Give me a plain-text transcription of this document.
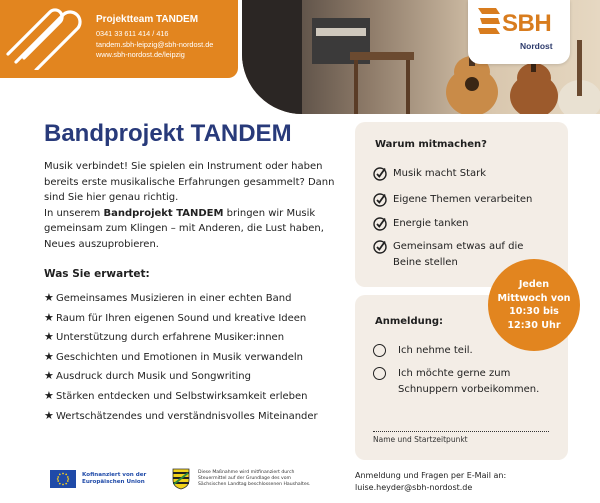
Projektteam TANDEM
0341 33 611 414 / 416
tandem.sbh-leipzig@sbh-nordost.de
www.sbh-nordost.de/leipzig
SBH
Nordost
Bandprojekt TANDEM
Musik verbindet! Sie spielen ein Instrument oder haben bereits erste musikalische Erfahrungen gesammelt? Dann sind Sie hier genau richtig.
In unserem Bandprojekt TANDEM bringen wir Musik gemeinsam zum Klingen – mit Anderen, die Lust haben, Neues auszuprobieren.
Was Sie erwartet:
★ Gemeinsames Musizieren in einer echten Band
★ Raum für Ihren eigenen Sound und kreative Ideen
★ Unterstützung durch erfahrene Musiker:innen
★ Geschichten und Emotionen in Musik verwandeln
★ Ausdruck durch Musik und Songwriting
★ Stärken entdecken und Selbstwirksamkeit erleben
★ Wertschätzendes und verständnisvolles Miteinander
Warum mitmachen?
Musik macht Stark
Eigene Themen verarbeiten
Energie tanken
Gemeinsam etwas auf die Beine stellen
Anmeldung:
Ich nehme teil.
Ich möchte gerne zum Schnuppern vorbeikommen.
Name und Startzeitpunkt
Jeden
Mittwoch von
10:30 bis
12:30 Uhr
Kofinanziert von der
Europäischen Union
Diese Maßnahme wird mitfinanziert durch
Steuermittel auf der Grundlage des vom
Sächsischen Landtag beschlossenen Haushaltes.
Anmeldung und Fragen per E-Mail an:
luise.heyder@sbh-nordost.de
